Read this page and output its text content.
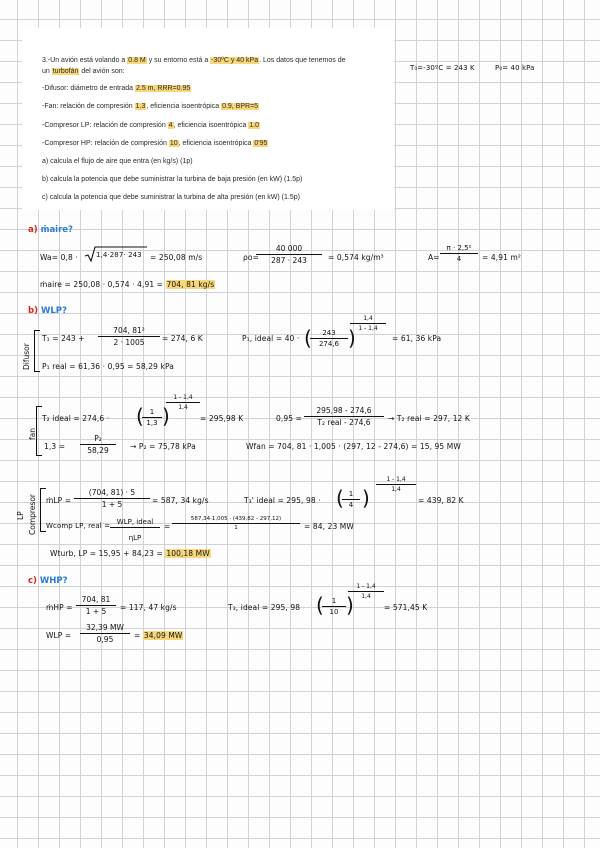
3.-Un avión está volando a 0.8 M y su entorno está a -30ºC y 40 kPa. Los datos que tenemos de
un turbofán del avión son:
-Difusor: diámetro de entrada 2.5 m, RRR=0.95
-Fan: relación de compresión 1.3, eficiencia isoentrópica 0.9, BPR=5
-Compresor LP: relación de compresión 4, eficiencia isoentrópica 1.0
-Compresor HP: relación de compresión 10, eficiencia isoentrópica 0'95
a) calcula el flujo de aire que entra (en kg/s) (1p)
b) calcula la potencia que debe suministrar la turbina de baja presión (en kW) (1.5p)
c) calcula la potencia que debe suministrar la turbina de alta presión (en kW) (1.5p)
T₀=-30ºC = 243 K	P₀= 40 kPa
a) ṁaire?
Wa= 0,8 ·	1,4·287· 243 = 250,08 m/s	ρo=
$\frac{40 000}{287 \cdot 243} = 0,574$ kg/m³	$A= \frac{\text{π · 2,5²}}{4} = 4,91$ m²
ṁaire = 250,08 · 0,574 · 4,91 = 704, 81 kg/s
b) WLP?
Difusor
$T_1 = 243 + \frac{\text{704, 81²}}{2 \cdot 1005} = 274$, 6 K	P₁, ideal = 40 · (
$\frac{243}{274,6}$ )
$\frac{1,4}{1 - 1,4}$
= 61, 36 kPa
P₁ real = 61,36 · 0,95 = 58,29 kPa
fan
T₂ ideal = 274,6 · (
$\frac{1}{1,3}$ )
$\frac{1 - 1,4}{1,4}$
= 295,98 K	0,95 =
295,98 - 274,6
T₂ real - 274,6	→ T₂ real = 297, 12 K
$1,3 = \frac{\text{P₂}}{58,29} \to P_2 = 75,78$ kPa	Wfan = 704, 81 · 1,005 · (297, 12 - 274,6) = 15, 95 MW
LP Compresor ṁLP = $\frac{(704, 81) \cdot 5}{1 + 5} = 587$, 34 kg/s	T₃' ideal = 295, 98 · (
$\frac{1}{4}$ )
$\frac{1 - 1,4}{1,4}$
= 439, 82 K
Wcomp LP, real = WLP, ideal
ηLP
= $\frac{587,34\cdot 1,005 \cdot (439,82 - 297,12)}{1} = 84$, 23 MW
Wturb, LP = 15,95 + 84,23 = 100,18 MW
c) WHP?
ṁHP = $\frac{704, 81}{1 + 5} = 117$, 47 kg/s	T₃, ideal = 295, 98 (
$\frac{1}{10}$ )
$\frac{1 - 1,4}{1,4}$
= 571,45 K
WLP = $\frac{32,39 MW}{0,95} = 34,09$ MW
